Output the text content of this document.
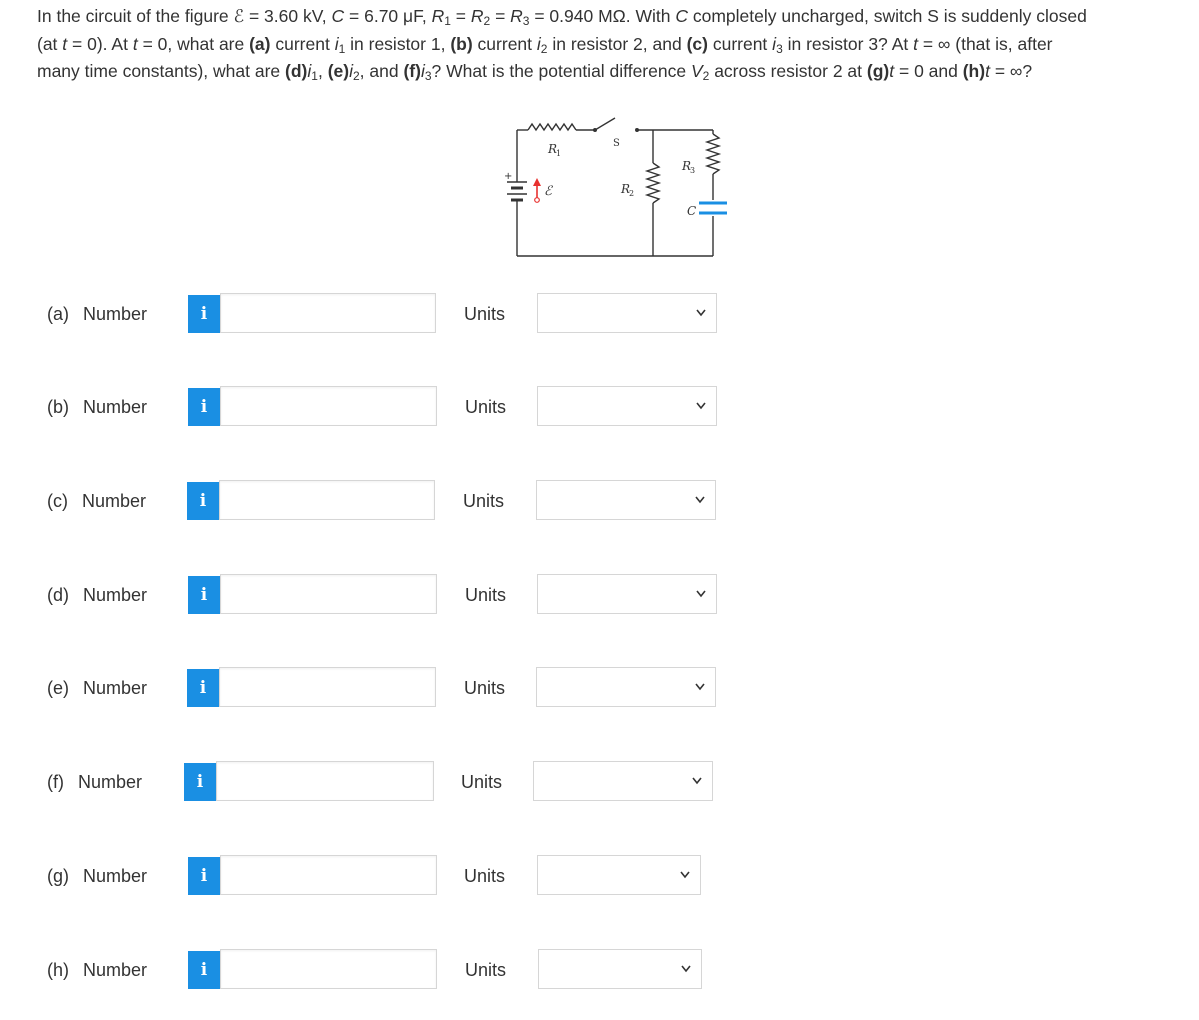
In the circuit of the figure ℰ = 3.60 kV, C = 6.70 μF, $R_1 = R_2 = R_3 = 0.940$ MΩ. With C completely uncharged, switch S is suddenly closed
(at t = 0). At t = 0, what are (a) current $i_1$ in resistor 1, (b) current $i_2$ in resistor 2, and (c) current $i_3$ in resistor 3? At t = ∞ (that is, after
many time constants), what are $(d)i_1$, $(e)i_2$, and $(f)i_3$? What is the potential difference $V_2$ across resistor 2 at (g)t = 0 and (h)t = ∞?
+
ℰ
R
1
S
R
2
R
3
C
(a) Number	i	Units
(b) Number	i	Units
(c) Number	i	Units
(d) Number	i	Units
(e) Number	i	Units
(f) Number	i	Units
(g) Number	i	Units
(h) Number	i	Units
